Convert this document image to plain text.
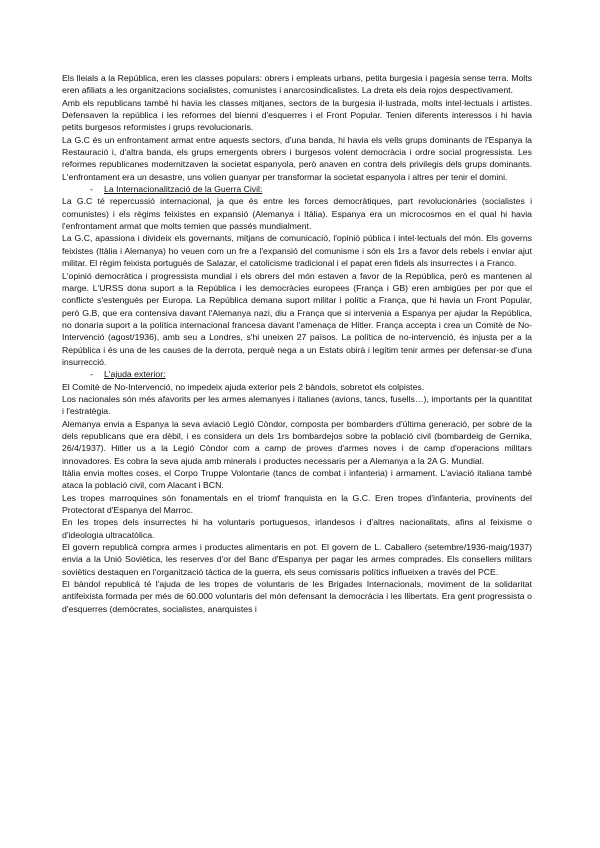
Els lleials a la República, eren les classes populars: obrers i empleats urbans, petita burgesia i pagesia sense terra. Molts eren afiliats a les organitzacions socialistes, comunistes i anarcosindicalistes. La dreta els deia rojos despectivament.

Amb els republicans també hi havia les classes mitjanes, sectors de la burgesia il·lustrada, molts intel·lectuals i artistes. Defensaven la república i les reformes del bienni d'esquerres i el Front Popular. Tenien diferents interessos i hi havia petits burgesos reformistes i grups revolucionaris.

La G.C és un enfrontament armat entre aquests sectors, d'una banda, hi havia els vells grups dominants de l'Espanya la Restauració i, d'altra banda, els grups emergents obrers i burgesos volent democràcia i ordre social progressista. Les reformes republicanes modernitzaven la societat espanyola, però anaven en contra dels privilegis dels grups dominants. L'enfrontament era un desastre, uns volien guanyar per transformar la societat espanyola i altres per tenir el domini.

- La Internacionalització de la Guerra Civil:

La G.C té repercussió internacional, ja que és entre les forces democràtiques, part revolucionàries (socialistes i comunistes) i els règims feixistes en expansió (Alemanya i Itàlia). Espanya era un microcosmos en el qual hi havia l'enfrontament armat que molts temien que passés mundialment.

La G.C, apassiona i divideix els governants, mitjans de comunicació, l'opinió pública i intel·lectuals del món. Els governs feixistes (Itàlia i Alemanya) ho veuen com un fre a l'expansió del comunisme i són els 1rs a favor dels rebels i enviar ajut militar. El règim feixista portuguès de Salazar, el catolicisme tradicional i el papat eren fidels als insurrectes i a Franco.

L'opinió democràtica i progressista mundial i els obrers del món estaven a favor de la República, però es mantenen al marge. L'URSS dona suport a la República i les democràcies europees (França i GB) eren ambigües per por que el conflicte s'estengués per Europa. La República demana suport militar i polític a França, que hi havia un Front Popular, però G.B, que era contensiva davant l'Alemanya nazi, diu a França que si intervenia a Espanya per ajudar la República, no donaria suport a la política internacional francesa davant l'amenaça de Hitler. França accepta i crea un Comitè de No-Intervenció (agost/1936), amb seu a Londres, s'hi uneixen 27 països. La política de no-intervenció, és injusta per a la República i és una de les causes de la derrota, perquè nega a un Estats obirà i legítim tenir armes per defensar-se d'una insurrecció.

- L'ajuda exterior:

El Comitè de No-Intervenció, no impedeix ajuda exterior pels 2 bàndols, sobretot els colpistes.

Los nacionales són més afavorits per les armes alemanyes i italianes (avions, tancs, fusells…), importants per la quantitat i l'estratègia.

Alemanya envia a Espanya la seva aviació Legió Còndor, composta per bombarders d'última generació, per sobre de la dels republicans que era dèbil, i es considera un dels 1rs bombardejos sobre la població civil (bombardeig de Gernika, 26/4/1937). Hitler us a la Legió Còndor com a camp de proves d'armes noves i de camp d'operacions militars innovadores. Es cobra la seva ajuda amb minerals i productes necessaris per a Alemanya a la 2A G. Mundial.

Itàlia envia moltes coses, el Corpo Truppe Volontarie (tancs de combat i infanteria) i armament. L'aviació italiana també ataca la població civil, com Alacant i BCN.

Les tropes marroquines són fonamentals en el triomf franquista en la G.C. Eren tropes d'infanteria, provinents del Protectorat d'Espanya del Marroc.

En les tropes dels insurrectes hi ha voluntaris portuguesos, irlandesos i d'altres nacionalitats, afins al feixisme o d'ideologia ultracatòlica.

El govern republicà compra armes i productes alimentaris en pot. El govern de L. Caballero (setembre/1936-maig/1937) envia a la Unió Soviètica, les reserves d'or del Banc d'Espanya per pagar les armes comprades. Els consellers militars soviètics destaquen en l'organització tàctica de la guerra, els seus comissaris polítics influeixen a través del PCE.

El bàndol republicà té l'ajuda de les tropes de voluntaris de les Brigades Internacionals, moviment de la solidaritat antifeixista formada per més de 60.000 voluntaris del món defensant la democràcia i les llibertats. Era gent progressista o d'esquerres (demòcrates, socialistes, anarquistes i
